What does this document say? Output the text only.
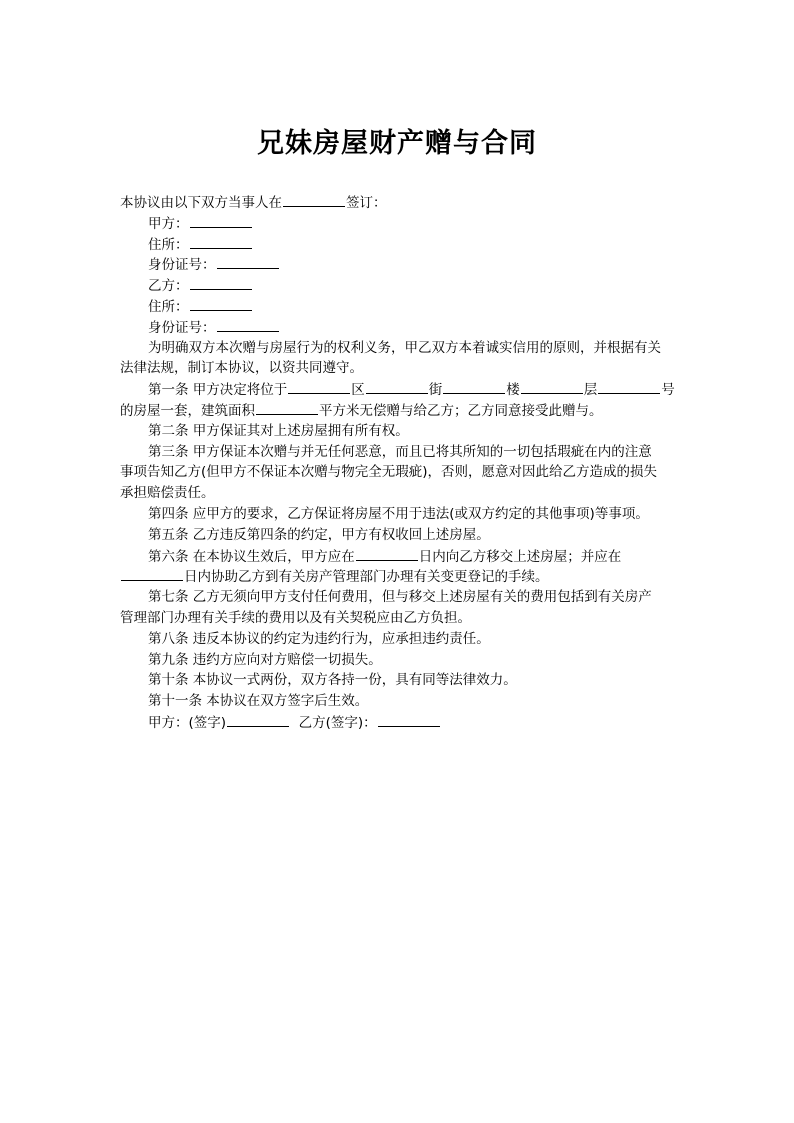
兄妹房屋财产赠与合同
本协议由以下双方当事人在	签订：
甲方：
住所：
身份证号：
乙方：
住所：
身份证号：
为明确双方本次赠与房屋行为的权利义务，甲乙双方本着诚实信用的原则，并根据有关
法律法规，制订本协议，以资共同遵守。
第一条 甲方决定将位于	区	街	楼	层	号
的房屋一套，建筑面积	平方米无偿赠与给乙方；乙方同意接受此赠与。
第二条 甲方保证其对上述房屋拥有所有权。
第三条 甲方保证本次赠与并无任何恶意，而且已将其所知的一切包括瑕疵在内的注意
事项告知乙方(但甲方不保证本次赠与物完全无瑕疵)，否则，愿意对因此给乙方造成的损失
承担赔偿责任。
第四条 应甲方的要求，乙方保证将房屋不用于违法(或双方约定的其他事项)等事项。
第五条 乙方违反第四条的约定，甲方有权收回上述房屋。
第六条 在本协议生效后，甲方应在	日内向乙方移交上述房屋；并应在
日内协助乙方到有关房产管理部门办理有关变更登记的手续。
第七条 乙方无须向甲方支付任何费用，但与移交上述房屋有关的费用包括到有关房产
管理部门办理有关手续的费用以及有关契税应由乙方负担。
第八条 违反本协议的约定为违约行为，应承担违约责任。
第九条 违约方应向对方赔偿一切损失。
第十条 本协议一式两份，双方各持一份，具有同等法律效力。
第十一条 本协议在双方签字后生效。
甲方：(签字)	乙方(签字)：
